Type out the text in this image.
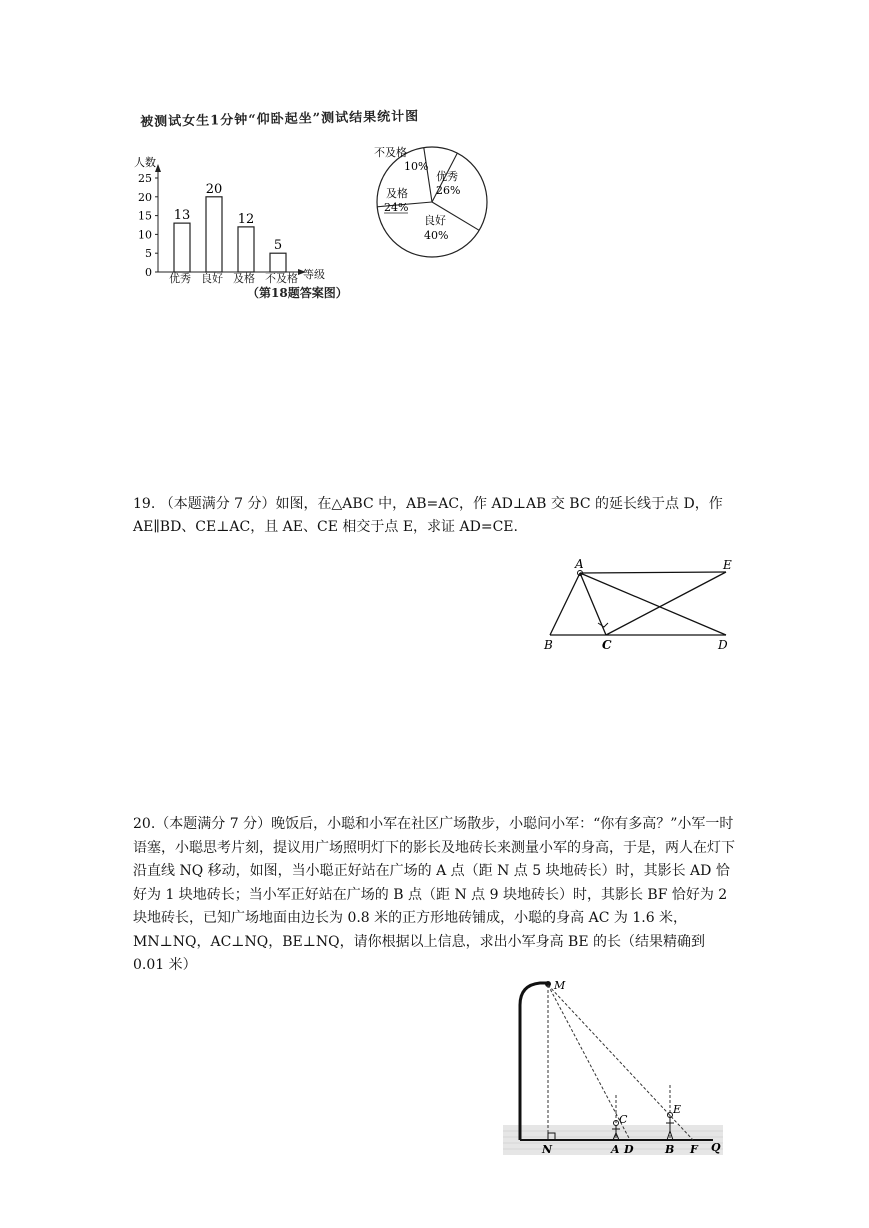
被测试女生1分钟“仰卧起坐”测试结果统计图
人数
0
5
10
15
20
25
13
20
12
5
等级
优秀 良好 及格 不及格
（第18题答案图）
不及格
10%
优秀
26%
良好
40%
及格
24%
19. （本题满分 7 分）如图，在△ABC 中，AB=AC，作 AD⊥AB 交 BC 的延长线于点 D，作 AE∥BD、CE⊥AC，且 AE、CE 相交于点 E，求证 AD=CE.
A	E
B	C	D
20.（本题满分 7 分）晚饭后，小聪和小军在社区广场散步，小聪问小军：“你有多高？”小军一时语塞，小聪思考片刻，提议用广场照明灯下的影长及地砖长来测量小军的身高，于是，两人在灯下沿直线 NQ 移动，如图，当小聪正好站在广场的 A 点（距 N 点 5 块地砖长）时，其影长 AD 恰好为 1 块地砖长；当小军正好站在广场的 B 点（距 N 点 9 块地砖长）时，其影长 BF 恰好为 2 块地砖长，已知广场地面由边长为 0.8 米的正方形地砖铺成，小聪的身高 AC 为 1.6 米，MN⊥NQ，AC⊥NQ，BE⊥NQ，请你根据以上信息，求出小军身高 BE 的长（结果精确到 0.01 米）
M
C
E
N	A D	B F Q
